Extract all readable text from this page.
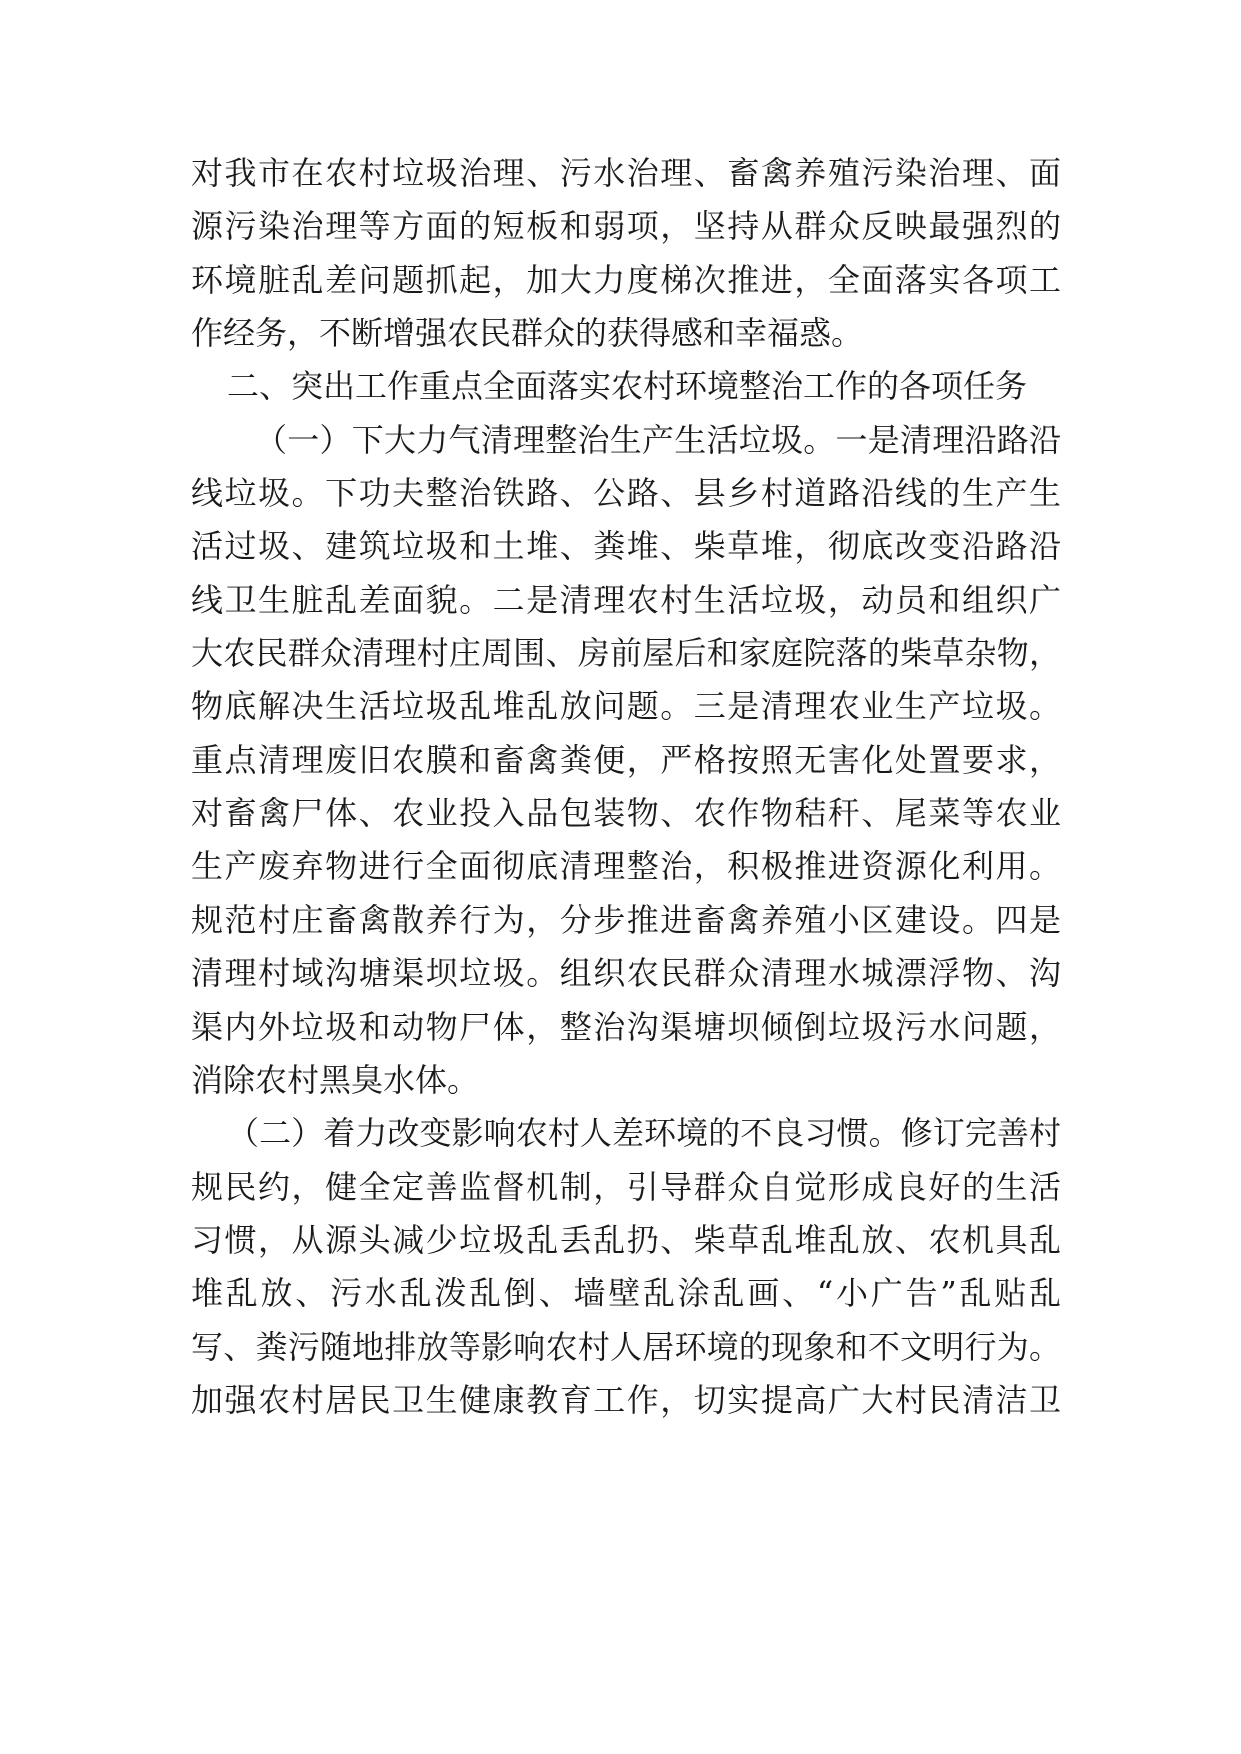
对我市在农村垃圾治理、污水治理、畜禽养殖污染治理、面
源污染治理等方面的短板和弱项，坚持从群众反映最强烈的
环境脏乱差问题抓起，加大力度梯次推进，全面落实各项工
作经务，不断增强农民群众的获得感和幸福惑。
二、突出工作重点全面落实农村环境整治工作的各项任务
（一）下大力气清理整治生产生活垃圾。一是清理沿路沿
线垃圾。下功夫整治铁路、公路、县乡村道路沿线的生产生
活过圾、建筑垃圾和土堆、粪堆、柴草堆，彻底改变沿路沿
线卫生脏乱差面貌。二是清理农村生活垃圾，动员和组织广
大农民群众清理村庄周围、房前屋后和家庭院落的柴草杂物，
物底解决生活垃圾乱堆乱放问题。三是清理农业生产垃圾。
重点清理废旧农膜和畜禽粪便，严格按照无害化处置要求，
对畜禽尸体、农业投入品包装物、农作物秸秆、尾菜等农业
生产废弃物进行全面彻底清理整治，积极推进资源化利用。
规范村庄畜禽散养行为，分步推进畜禽养殖小区建设。四是
清理村域沟塘渠坝垃圾。组织农民群众清理水城漂浮物、沟
渠内外垃圾和动物尸体，整治沟渠塘坝倾倒垃圾污水问题，
消除农村黑臭水体。
（二）着力改变影响农村人差环境的不良习惯。修订完善村
规民约，健全定善监督机制，引导群众自觉形成良好的生活
习惯，从源头减少垃圾乱丢乱扔、柴草乱堆乱放、农机具乱
堆乱放、污水乱泼乱倒、墙壁乱涂乱画、“小广告”乱贴乱
写、粪污随地排放等影响农村人居环境的现象和不文明行为。
加强农村居民卫生健康教育工作，切实提高广大村民清洁卫
